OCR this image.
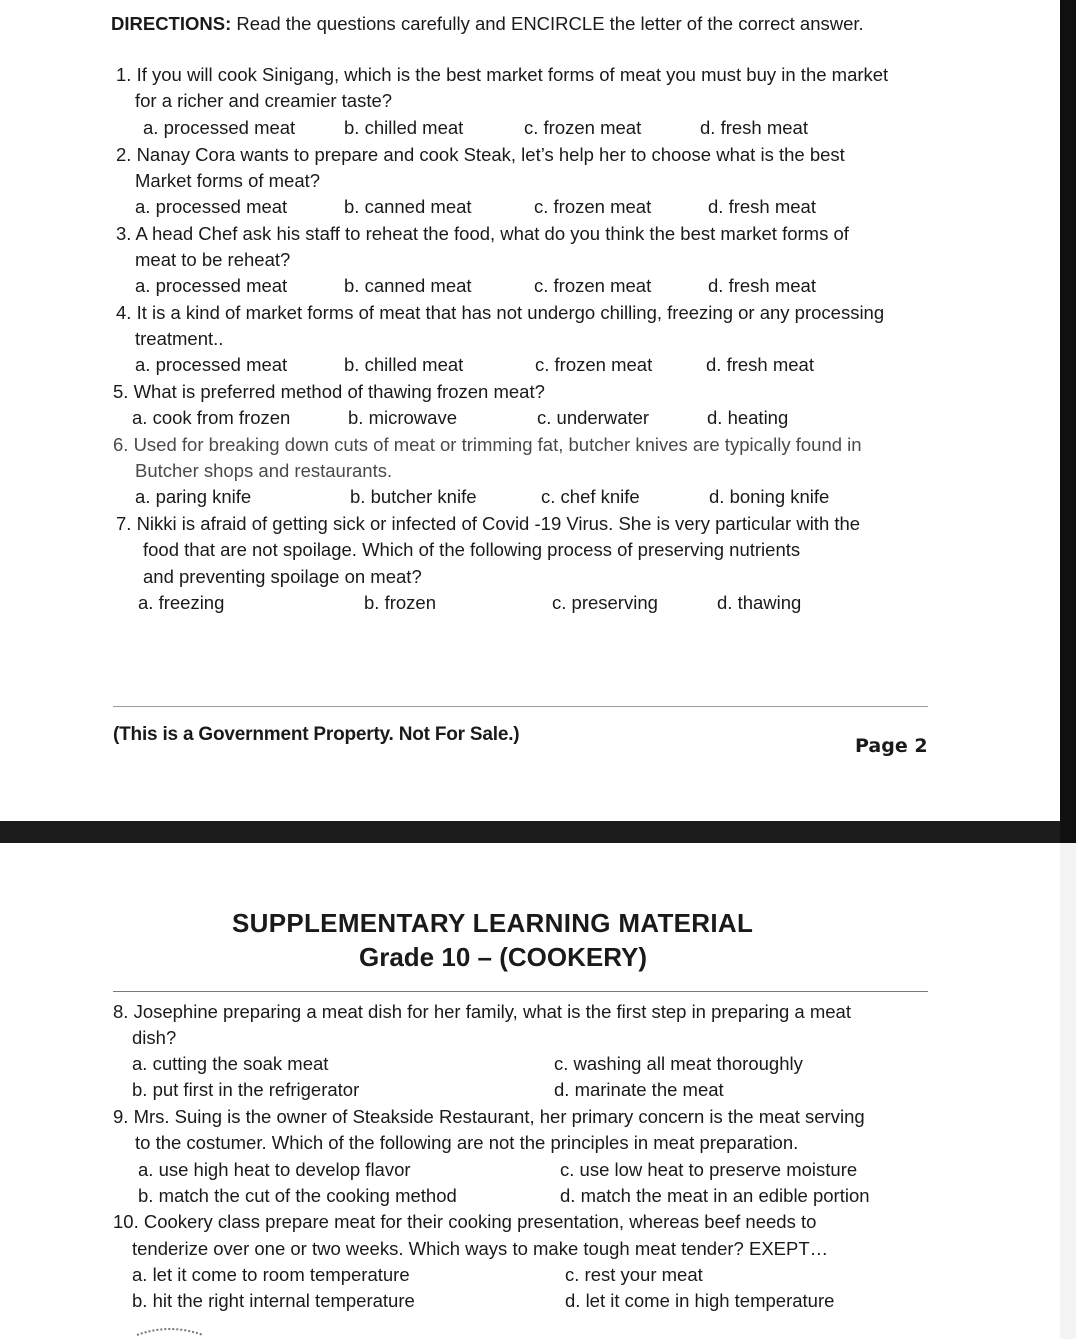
DIRECTIONS: Read the questions carefully and ENCIRCLE the letter of the correct answer.
1. If you will cook Sinigang, which is the best market forms of meat you must buy in the market
for a richer and creamier taste?
a. processed meat	b. chilled meat	c. frozen meat	d. fresh meat
2. Nanay Cora wants to prepare and cook Steak, let’s help her to choose what is the best
Market forms of meat?
a. processed meat	b. canned meat	c. frozen meat	d. fresh meat
3. A head Chef ask his staff to reheat the food, what do you think the best market forms of
meat to be reheat?
a. processed meat	b. canned meat	c. frozen meat	d. fresh meat
4. It is a kind of market forms of meat that has not undergo chilling, freezing or any processing
treatment..
a. processed meat	b. chilled meat	c. frozen meat	d. fresh meat
5. What is preferred method of thawing frozen meat?
a. cook from frozen	b. microwave	c. underwater	d. heating
6. Used for breaking down cuts of meat or trimming fat, butcher knives are typically found in
Butcher shops and restaurants.
a. paring knife	b. butcher knife	c. chef knife	d. boning knife
7. Nikki is afraid of getting sick or infected of Covid -19 Virus. She is very particular with the
food that are not spoilage. Which of the following process of preserving nutrients
and preventing spoilage on meat?
a. freezing	b. frozen	c. preserving	d. thawing
(This is a Government Property. Not For Sale.)
Page 2
SUPPLEMENTARY LEARNING MATERIAL
Grade 10 – (COOKERY)
8. Josephine preparing a meat dish for her family, what is the first step in preparing a meat
dish?
a. cutting the soak meat	c. washing all meat thoroughly
b. put first in the refrigerator	d. marinate the meat
9. Mrs. Suing is the owner of Steakside Restaurant, her primary concern is the meat serving
to the costumer. Which of the following are not the principles in meat preparation.
a. use high heat to develop flavor	c. use low heat to preserve moisture
b. match the cut of the cooking method	d. match the meat in an edible portion
10. Cookery class prepare meat for their cooking presentation, whereas beef needs to
tenderize over one or two weeks. Which ways to make tough meat tender? EXEPT…
a. let it come to room temperature	c. rest your meat
b. hit the right internal temperature	d. let it come in high temperature
